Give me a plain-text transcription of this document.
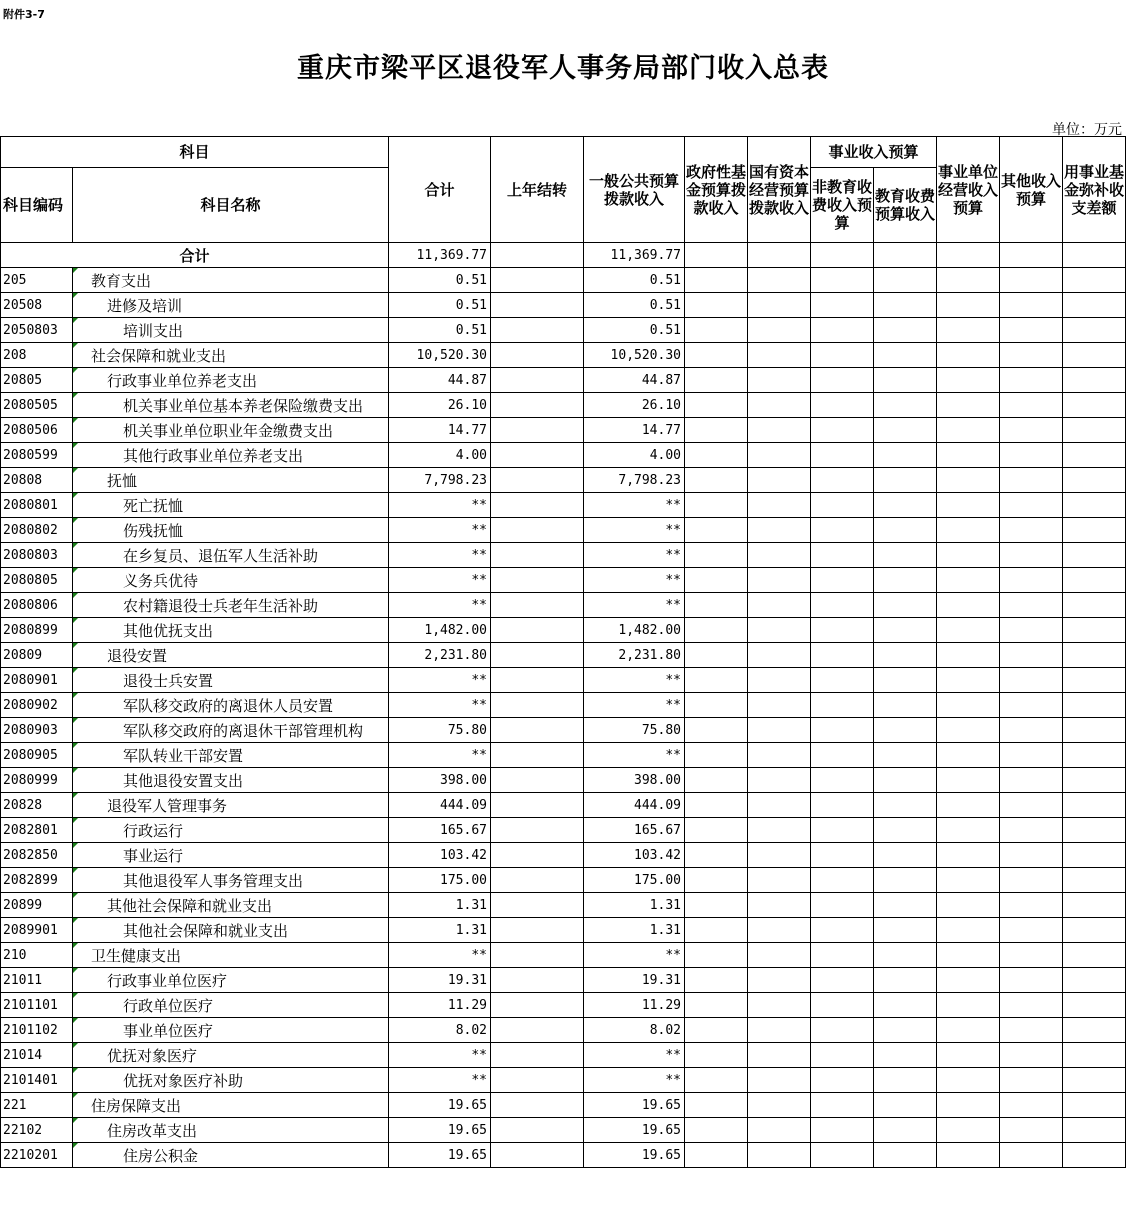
附件3-7
重庆市梁平区退役军人事务局部门收入总表
单位：万元
科目		合计	上年结转	一般公共预算拨款收入	政府性基金预算拨款收入	国有资本经营预算拨款收入	事业收入预算		事业单位经营收入预算	其他收入预算	用事业基金弥补收支差额
科目编码	科目名称						非教育收费收入预算	教育收费预算收入			
合计		11,369.77		11,369.77							
205	教育支出	0.51		0.51							
20508	进修及培训	0.51		0.51							
2050803	培训支出	0.51		0.51							
208	社会保障和就业支出	10,520.30		10,520.30							
20805	行政事业单位养老支出	44.87		44.87							
2080505	机关事业单位基本养老保险缴费支出	26.10		26.10							
2080506	机关事业单位职业年金缴费支出	14.77		14.77							
2080599	其他行政事业单位养老支出	4.00		4.00							
20808	抚恤	7,798.23		7,798.23							
2080801	死亡抚恤	**		**							
2080802	伤残抚恤	**		**							
2080803	在乡复员、退伍军人生活补助	**		**							
2080805	义务兵优待	**		**							
2080806	农村籍退役士兵老年生活补助	**		**							
2080899	其他优抚支出	1,482.00		1,482.00							
20809	退役安置	2,231.80		2,231.80							
2080901	退役士兵安置	**		**							
2080902	军队移交政府的离退休人员安置	**		**							
2080903	军队移交政府的离退休干部管理机构	75.80		75.80							
2080905	军队转业干部安置	**		**							
2080999	其他退役安置支出	398.00		398.00							
20828	退役军人管理事务	444.09		444.09							
2082801	行政运行	165.67		165.67							
2082850	事业运行	103.42		103.42							
2082899	其他退役军人事务管理支出	175.00		175.00							
20899	其他社会保障和就业支出	1.31		1.31							
2089901	其他社会保障和就业支出	1.31		1.31							
210	卫生健康支出	**		**							
21011	行政事业单位医疗	19.31		19.31							
2101101	行政单位医疗	11.29		11.29							
2101102	事业单位医疗	8.02		8.02							
21014	优抚对象医疗	**		**							
2101401	优抚对象医疗补助	**		**							
221	住房保障支出	19.65		19.65							
22102	住房改革支出	19.65		19.65							
2210201	住房公积金	19.65		19.65							
